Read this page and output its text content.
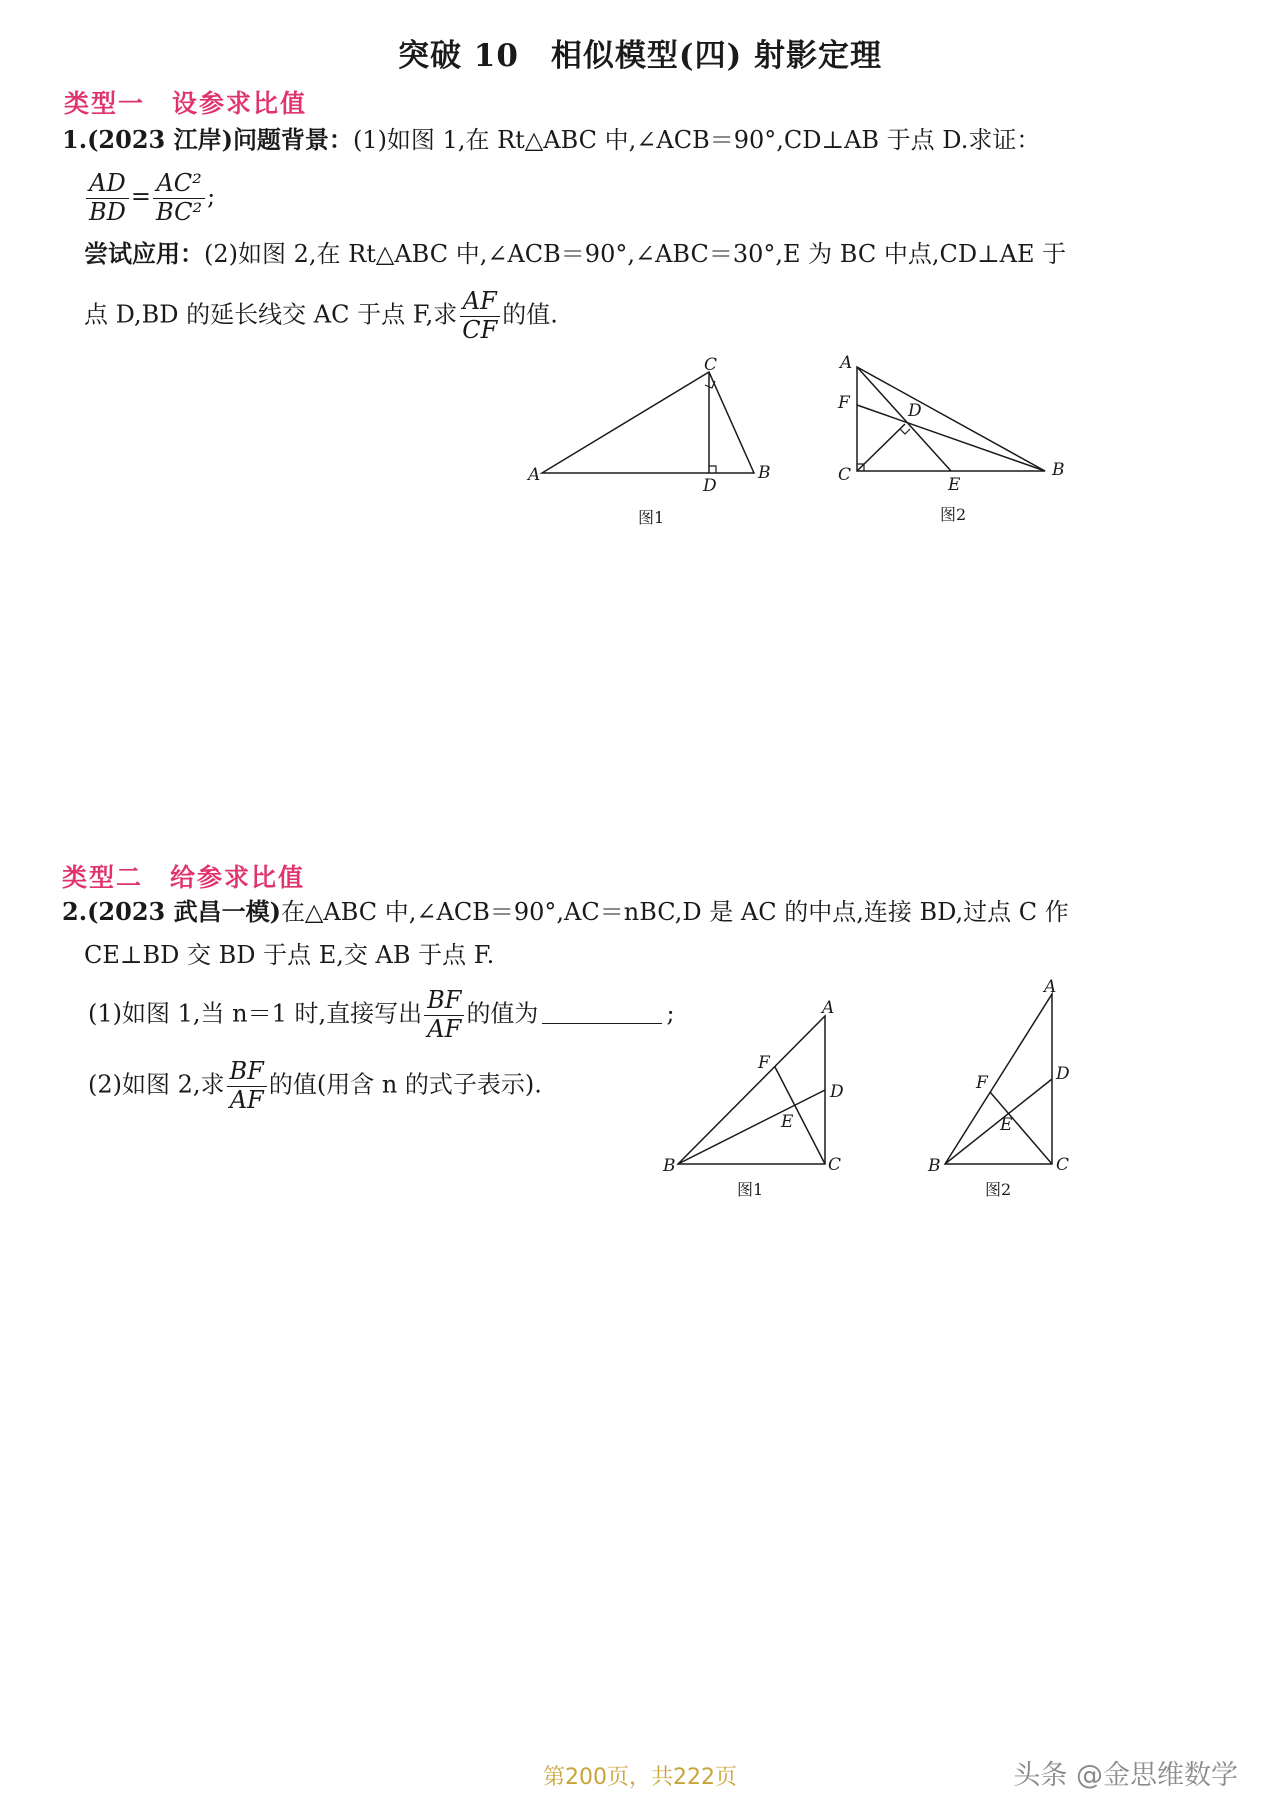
突破 10　相似模型(四) 射影定理
类型一　设参求比值
1.(2023 江岸)问题背景：(1)如图 1,在 Rt△ABC 中,∠ACB＝90°,CD⊥AB 于点 D.求证：
$\frac{AD}{BD} = \frac{\text{AC²}}{\text{BC²}}$ ;
尝试应用：(2)如图 2,在 Rt△ABC 中,∠ACB＝90°,∠ABC＝30°,E 为 BC 中点,CD⊥AE 于
点 D,BD 的延长线交 AC 于点 F,求 $\frac{AF}{CF}$ 的值.
A
C
B
D
图1
A
F	D
C	E
B
图2
类型二　给参求比值
2.(2023 武昌一模)在△ABC 中,∠ACB＝90°,AC＝nBC,D 是 AC 的中点,连接 BD,过点 C 作
CE⊥BD 交 BD 于点 E,交 AB 于点 F.
(1)如图 1,当 n＝1 时,直接写出 $\frac{BF}{AF}$ 的值为	;
(2)如图 2,求 $\frac{BF}{AF}$ 的值(用含 n 的式子表示).
A
F
D
E
B	C
图1
A
F	D
E
B	C
图2
第200页，共222页	头条 @金思维数学
